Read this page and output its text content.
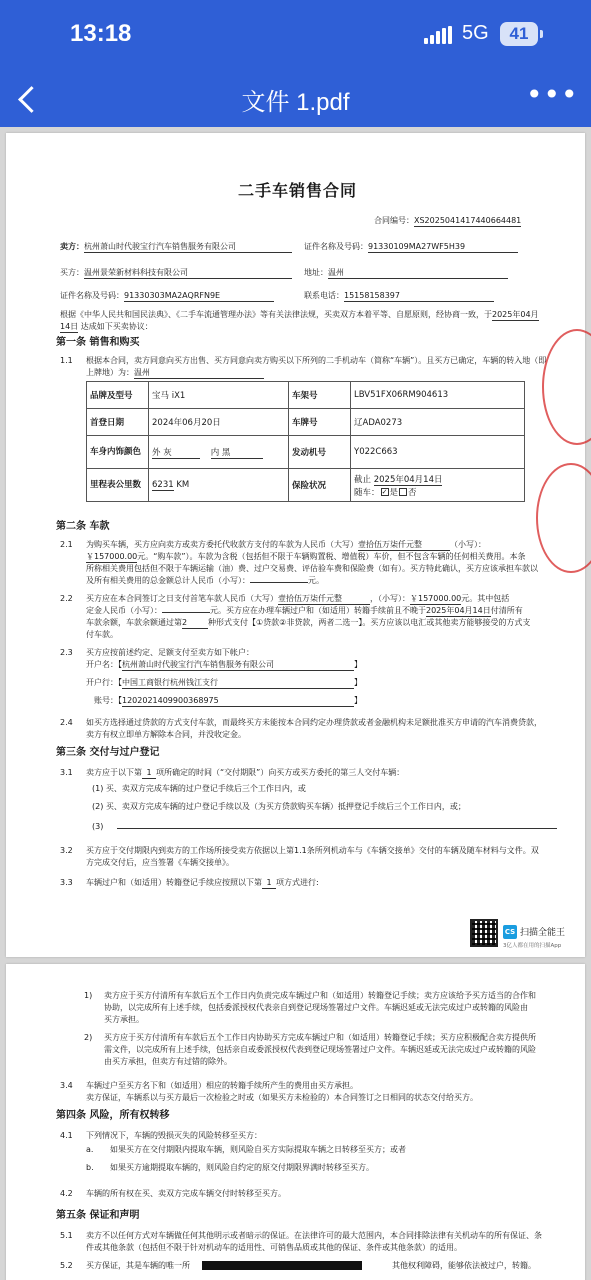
13:18	5G	41
文件 1.pdf	•••
二手车销售合同
合同编号：XS2025041417440664481
卖方：杭州萧山时代骏宝行汽车销售服务有限公司	证件名称及号码：91330109MA27WF5H39
买方：温州景荣新材料科技有限公司	地址：温州
证件名称及号码：91330303MA2AQRFN9E	联系电话：15158158397
根据《中华人民共和国民法典》、《二手车流通管理办法》等有关法律法规，买卖双方本着平等、自愿原则，经协商一致，于2025年04月
14日 达成如下买卖协议：
第一条 销售和购买
1.1 根据本合同，卖方同意向买方出售、买方同意向卖方购买以下所列的二手机动车（简称“车辆”）。且买方已确定，车辆的转入地（即
上牌地）为：温州
品牌及型号	宝马 iX1	车架号	LBV51FX06RM904613
首登日期	2024年06月20日	车牌号	辽ADA0273
车身内饰颜色	外 灰 内 黑	发动机号	Y022C663
里程表公里数	6231 KM	保险状况	截止 2025年04月14日
随车： ✓ 是 否
第二条 车款
2.1 为购买车辆，买方应向卖方或卖方委托代收款方支付的车款为人民币（大写）壹拾伍万柒仟元整	（小写）：
￥157000.00元。“购车款”）。车款为含税（包括但不限于车辆购置税、增值税）车价，但不包含车辆的任何相关费用。本条
所称相关费用包括但不限于车辆运输（油）费、过户交易费、评估验车费和保险费（如有）。买方特此确认，买方应该承担车款以
及所有相关费用的总金额总计人民币（小写）：	元。
2.2 买方应在本合同签订之日支付首笔车款人民币（大写）壹拾伍万柒仟元整	，（小写）：￥157000.00元。其中包括
定金人民币（小写）：	元。买方应在办理车辆过户和（如适用）转籍手续前且不晚于2025年04月14日付清所有
车款余额，车款余额通过第2	种形式支付【①贷款②非贷款，两者二选一】。买方应该以电汇或其他卖方能够接受的方式支
付车款。
2.3 买方应按前述约定、足额支付至卖方如下帐户：
开户名：【杭州萧山时代骏宝行汽车销售服务有限公司	】
开户行：【中国工商银行杭州钱江支行	】
账号：【1202021409900368975	】
2.4 如买方选择通过贷款的方式支付车款，而最终买方未能按本合同约定办理贷款或者金融机构未足额批准买方申请的汽车消费贷款，
卖方有权立即单方解除本合同，并没收定金。
第三条 交付与过户登记
3.1 卖方应于以下第 1 项所确定的时间（“交付期限”）向买方或买方委托的第三人交付车辆：
(1) 买、卖双方完成车辆的过户登记手续后三个工作日内，或
(2) 买、卖双方完成车辆的过户登记手续以及（为买方贷款购买车辆）抵押登记手续后三个工作日内，或；
(3)
3.2 买方应于交付期限内到卖方的工作场所接受卖方依据以上第1.1条所列机动车与《车辆交接单》交付的车辆及随车材料与文件。双
方完成交付后，应当签署《车辆交接单》。
3.3 车辆过户和（如适用）转籍登记手续应按照以下第 1 项方式进行:
CS 扫描全能王
3亿人都在用的扫描App
1) 卖方应于买方付清所有车款后五个工作日内负责完成车辆过户和（如适用）转籍登记手续；卖方应该给予买方适当的合作和
协助，以完成所有上述手续，包括委派授权代表亲自到登记现场签署过户文件。车辆迟延或无法完成过户或转籍的风险由
买方承担。
2) 买方应于买方付清所有车款后五个工作日内协助买方完成车辆过户和（如适用）转籍登记手续；买方应积极配合卖方提供所
需文件，以完成所有上述手续，包括亲自或委派授权代表到登记现场签署过户文件。车辆迟延或无法完成过户或转籍的风险
由买方承担，但卖方有过错的除外。
3.4 车辆过户至买方名下和（如适用）相应的转籍手续所产生的费用由买方承担。
卖方保证，车辆系以与买方最后一次检验之时或（如果买方未检验的）本合同签订之日相同的状态交付给买方。
第四条 风险，所有权转移
4.1 下列情况下，车辆的毁损灭失的风险转移至买方：
a. 如果买方在交付期限内提取车辆，则风险自买方实际提取车辆之日转移至买方；或者
b. 如果买方逾期提取车辆的，则风险自约定的原交付期限界满时转移至买方。
4.2 车辆的所有权在买、卖双方完成车辆交付时转移至买方。
第五条 保证和声明
5.1 卖方不以任何方式对车辆做任何其他明示或者暗示的保证。在法律许可的最大范围内，本合同排除法律有关机动车的所有保证、条
件或其他条款（包括但不限于针对机动车的适用性、可销售品质或其他的保证、条件或其他条款）的适用。
5.2 买方保证，其是车辆的唯一所	其他权利障碍，能够依法被过户，转籍。
